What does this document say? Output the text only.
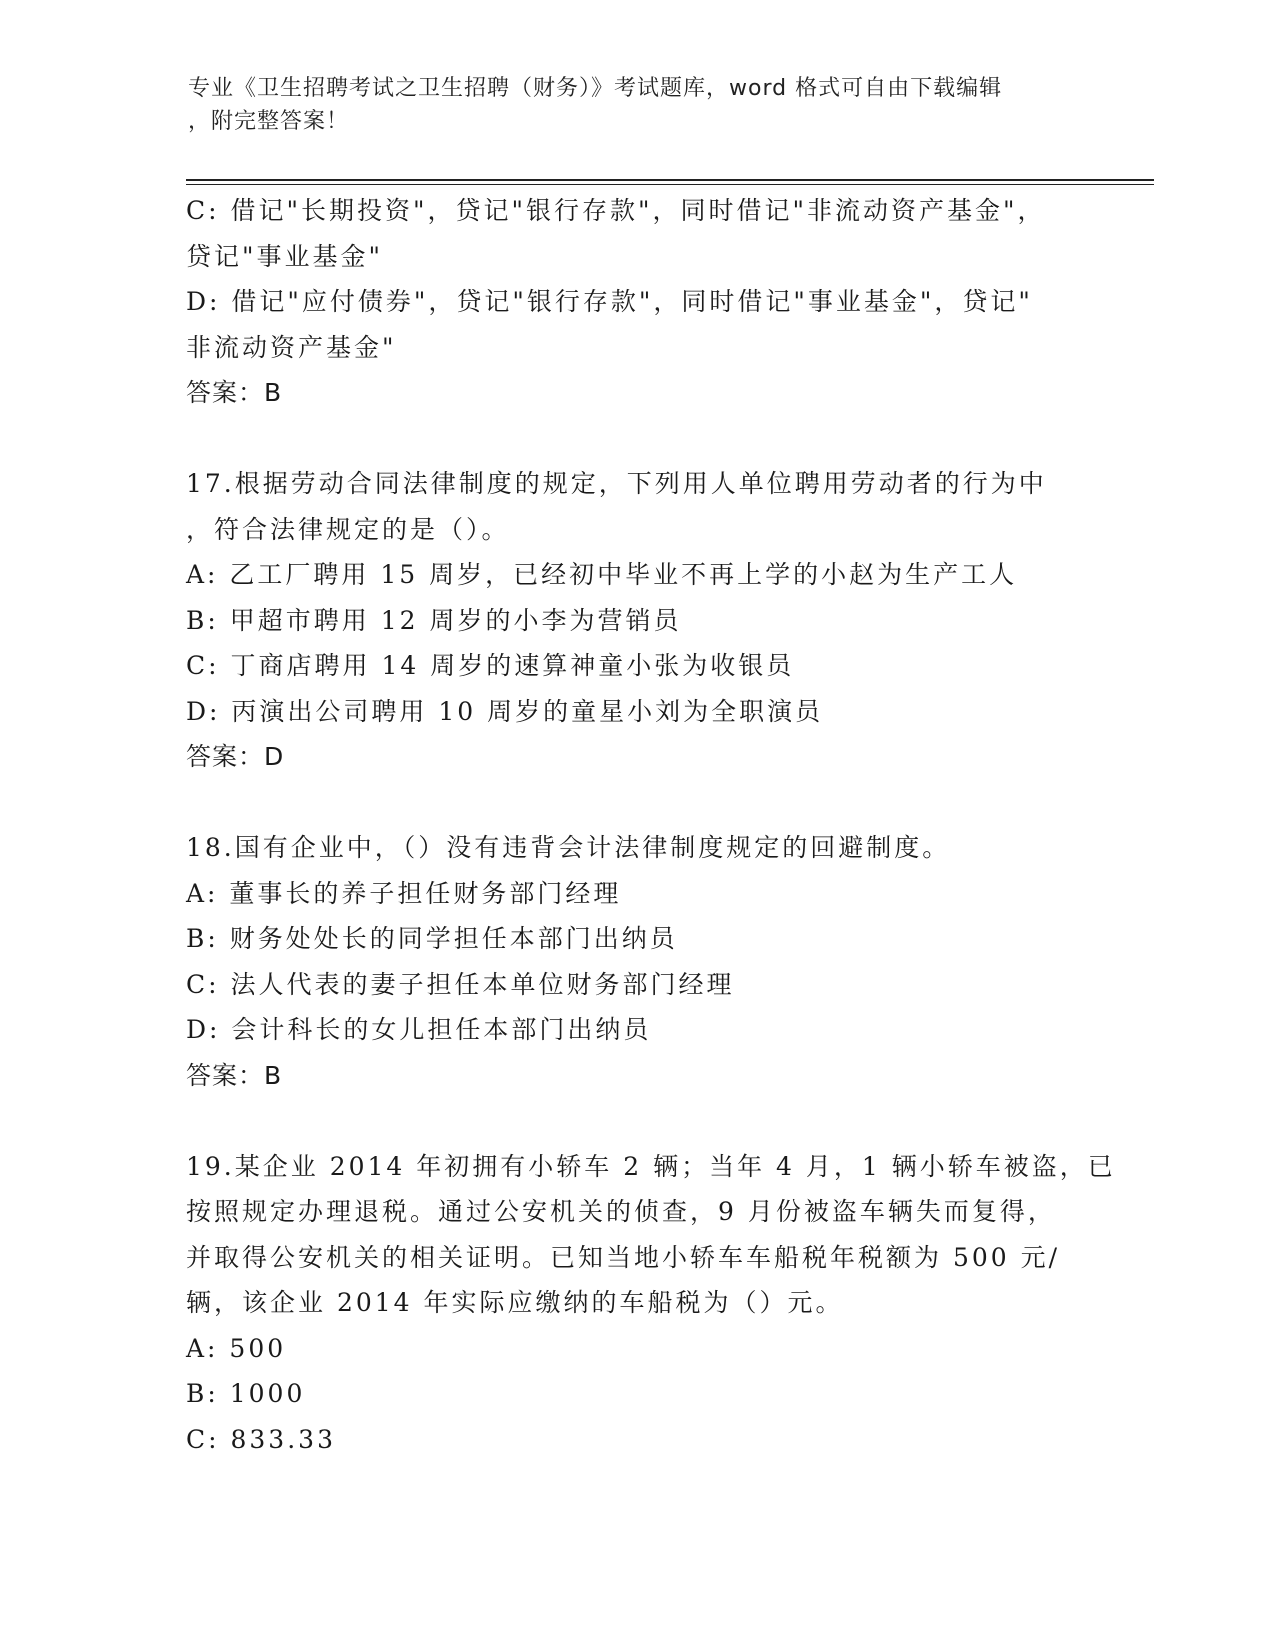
专业《卫生招聘考试之卫生招聘（财务）》考试题库，word 格式可自由下载编辑
，附完整答案！
C: 借记"长期投资"，贷记"银行存款"，同时借记"非流动资产基金"，
贷记"事业基金"
D: 借记"应付债券"，贷记"银行存款"，同时借记"事业基金"，贷记"
非流动资产基金"
答案：B
17.根据劳动合同法律制度的规定，下列用人单位聘用劳动者的行为中
，符合法律规定的是（）。
A: 乙工厂聘用 15 周岁，已经初中毕业不再上学的小赵为生产工人
B: 甲超市聘用 12 周岁的小李为营销员
C: 丁商店聘用 14 周岁的速算神童小张为收银员
D: 丙演出公司聘用 10 周岁的童星小刘为全职演员
答案：D
18.国有企业中，（）没有违背会计法律制度规定的回避制度。
A: 董事长的养子担任财务部门经理
B: 财务处处长的同学担任本部门出纳员
C: 法人代表的妻子担任本单位财务部门经理
D: 会计科长的女儿担任本部门出纳员
答案：B
19.某企业 2014 年初拥有小轿车 2 辆；当年 4 月，1 辆小轿车被盗，已
按照规定办理退税。通过公安机关的侦查，9 月份被盗车辆失而复得，
并取得公安机关的相关证明。已知当地小轿车车船税年税额为 500 元/
辆，该企业 2014 年实际应缴纳的车船税为（）元。
A: 500
B: 1000
C: 833.33
